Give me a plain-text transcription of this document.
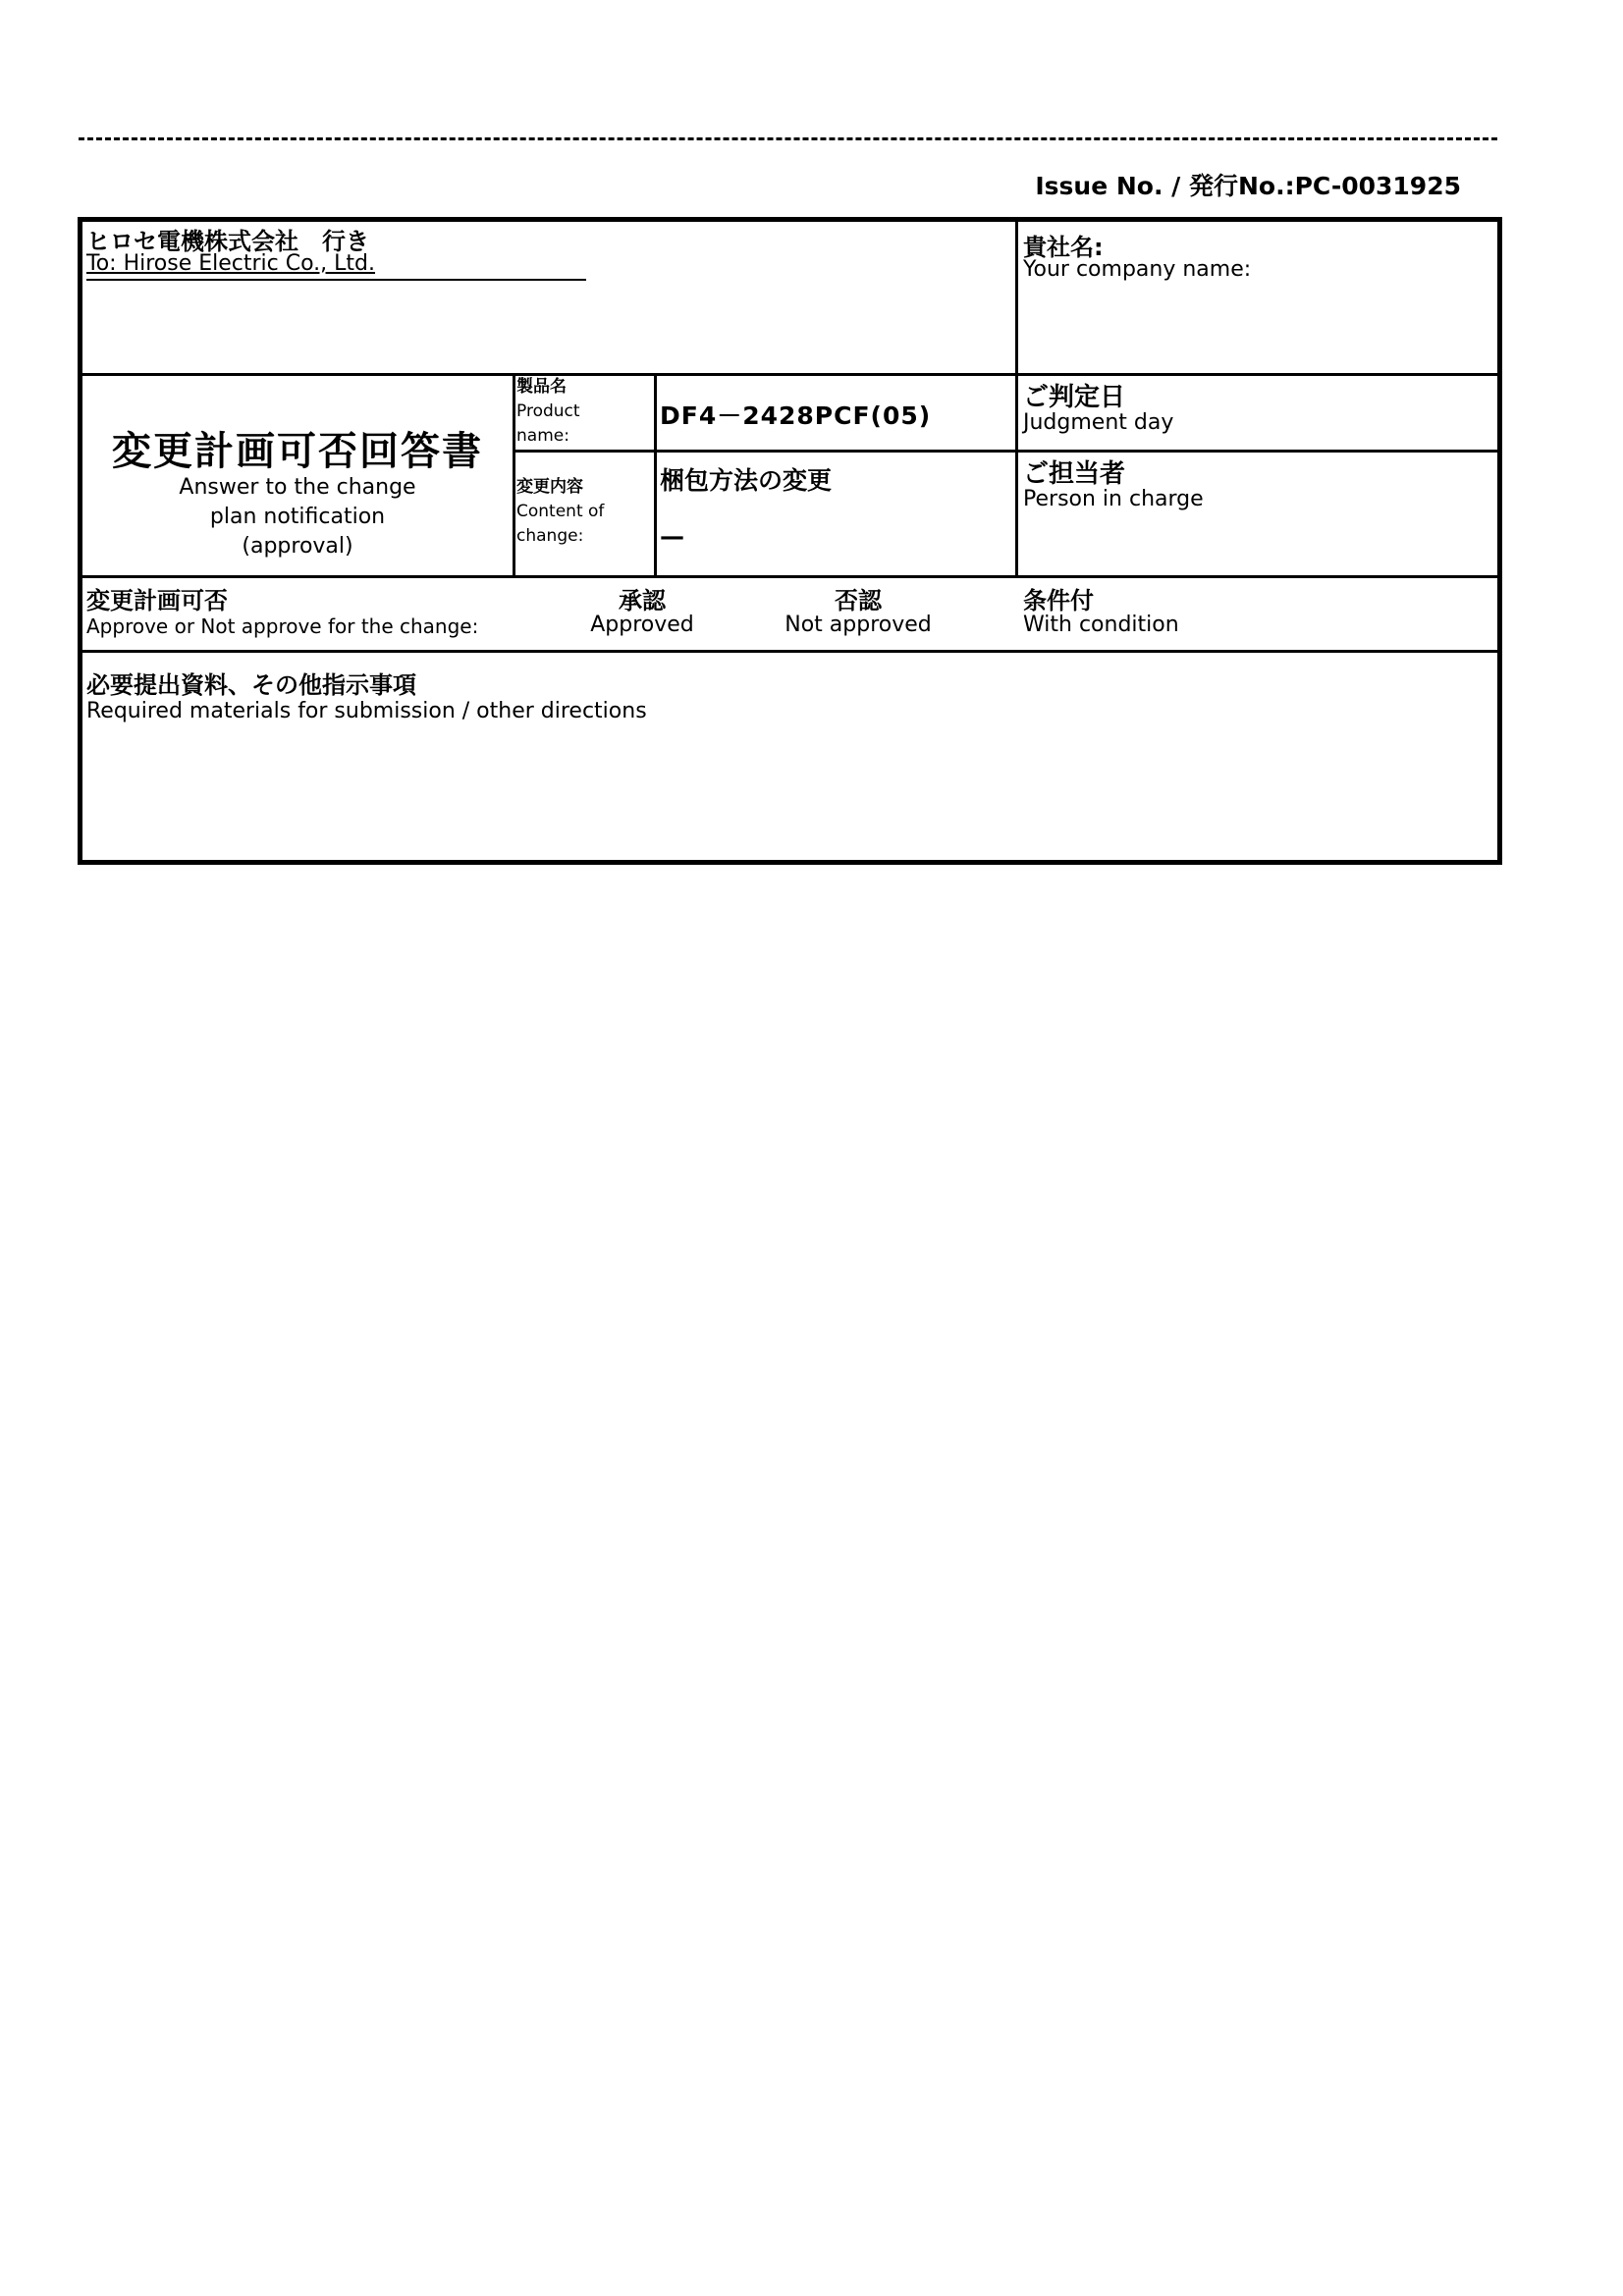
Issue No. / 発行No.:PC-0031925
ヒロセ電機株式会社　行き
To: Hirose Electric Co., Ltd.
貴社名:
Your company name:
変更計画可否回答書
Answer to the change plan notification (approval)
製品名
Product
name:
DF4－2428PCF(05)
変更内容
Content of
change:
梱包方法の変更
—
ご判定日
Judgment day
ご担当者
Person in charge
変更計画可否
Approve or Not approve for the change:
承認
Approved
否認
Not approved
条件付
With condition
必要提出資料、その他指示事項
Required materials for submission / other directions
